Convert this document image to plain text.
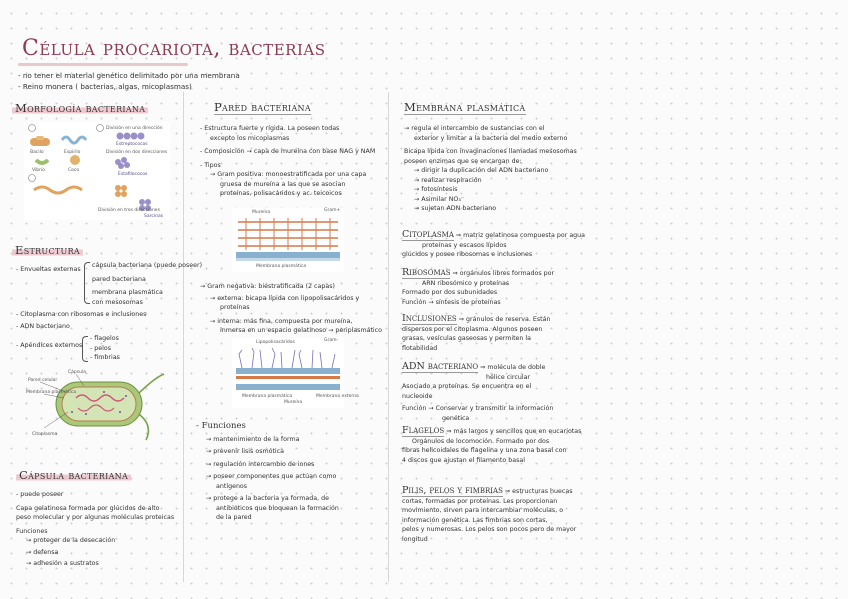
Célula procariota, bacterias
- no tener el material genético delimitado por una membrana
- Reino monera ( bacterias, algas, micoplasmas)
Morfología bacteriana
Bacilo	Espirilo
Vibrio	Coco
Estreptococos
Estafilococos
Sarcinas
División en una dirección
División en dos direcciones
División en tres direcciones
Estructura
- Envueltas externas
cápsula bacteriana (puede poseer)
pared bacteriana
membrana plasmática con mesosomas
- Citoplasma con ribosomas e inclusiones
- ADN bacteriano
- Apéndices externos
- flagelos
- pelos
- fimbrias
Pared celular
Cápsula
Membrana plasmática
Citoplasma
Cápsula bacteriana
- puede poseer
Capa gelatinosa formada por glúcidos de alto
peso molecular y por algunas moléculas proteicas
Funciones
→ proteger de la desecación
→ defensa
→ adhesión a sustratos
Pared bacteriana
- Estructura fuerte y rígida. La poseen todas
excepto los micoplasmas
- Composición → capa de mureína con base NAG y NAM
- Tipos
→ Gram positiva: monoestratificada por una capa
gruesa de mureína a las que se asocian
proteínas, polisacáridos y ac. teicoicos
Gram+
Mureína
Membrana plasmática
→ Gram negativa: biestratificada (2 capas)
→ externa: bicapa lípida con lipopolisacáridos y
proteínas
→ interna: más fina, compuesta por mureína,
inmersa en un espacio gelatinoso → periplasmático
Gram-
Lipopolisacáridos
Membrana externa
Membrana plasmática
Mureína
- Funciones
→ mantenimiento de la forma
→ prevenir lisis osmótica
→ regulación intercambio de iones
→ poseer componentes que actúan como
antígenos
→ protege a la bacteria ya formada, de
antibióticos que bloquean la formación
de la pared
Membrana plasmática
→ regula el intercambio de sustancias con el
exterior y limitar a la bacteria del medio externo
Bicapa lípida con invaginaciones llamadas mesosomas
poseen enzimas que se encargan de:
→ dirigir la duplicación del ADN bacteriano
→ realizar respiración
→ fotosíntesis
→ Asimilar NO₃⁻
→ sujetan ADN bacteriano
Citoplasma ⇒ matriz gelatinosa compuesta por agua
proteínas y escasos lípidos
glúcidos y posee ribosomas e inclusiones
Ribosomas ⇒ orgánulos libres formados por
ARN ribosómico y proteínas
Formado por dos subunidades
Función → síntesis de proteínas
Inclusiones ⇒ gránulos de reserva. Están
dispersos por el citoplasma. Algunos poseen
grasas, vesículas gaseosas y permiten la
flotabilidad
ADN bacteriano ⇒ molécula de doble
hélice circular
Asociado a proteínas. Se encuentra en el
nucleoide
Función → Conservar y transmitir la información
genética
Flagelos ⇒ más largos y sencillos que en eucariotas
Orgánulos de locomoción. Formado por dos
fibras helicoidales de flagelina y una zona basal con
4 discos que ajustan el filamento basal
Pilis, pelos y fimbrias ⇒ estructuras huecas
cortas, formadas por proteínas. Les proporcionan
movimiento, sirven para intercambiar moléculas, o
información genética. Las fimbrias son cortas,
pelos y numerosas. Los pelos son pocos pero de mayor
longitud
